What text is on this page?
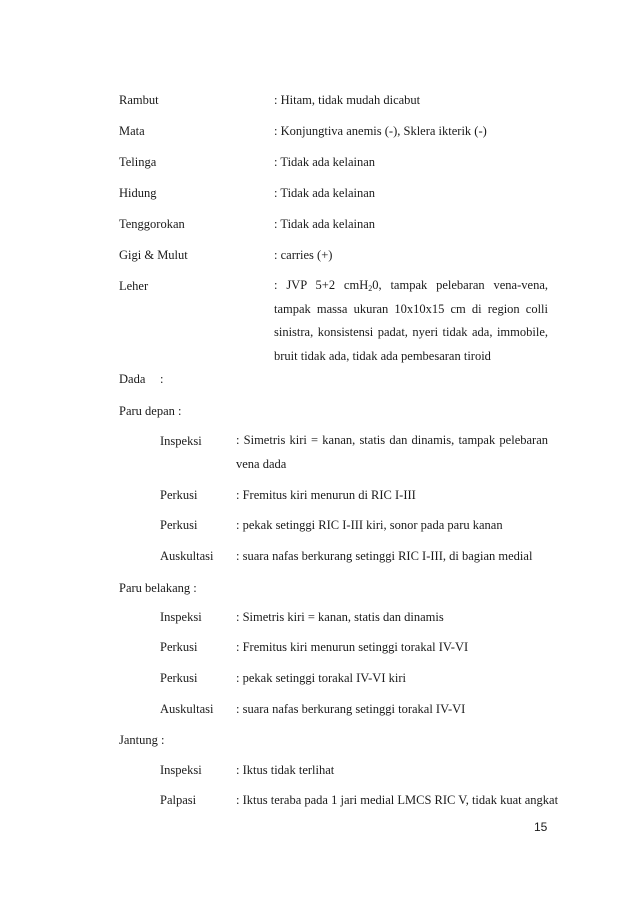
Rambut	: Hitam, tidak mudah dicabut
Mata	: Konjungtiva anemis (-), Sklera ikterik (-)
Telinga	: Tidak ada kelainan
Hidung	: Tidak ada kelainan
Tenggorokan	: Tidak ada kelainan
Gigi & Mulut	: carries (+)
Leher	: JVP 5+2 cmH$_2$0, tampak pelebaran vena-vena, tampak massa ukuran 10x10x15 cm di region colli sinistra, konsistensi padat, nyeri tidak ada, immobile, bruit tidak ada, tidak ada pembesaran tiroid
Dada :
Paru depan :
Inspeksi	: Simetris kiri = kanan, statis dan dinamis, tampak pelebaran vena dada
Perkusi	: Fremitus kiri menurun di RIC I-III
Perkusi	: pekak setinggi RIC I-III kiri, sonor pada paru kanan
Auskultasi : suara nafas berkurang setinggi RIC I-III, di bagian medial
Paru belakang :
Inspeksi	: Simetris kiri = kanan, statis dan dinamis
Perkusi	: Fremitus kiri menurun setinggi torakal IV-VI
Perkusi	: pekak setinggi torakal IV-VI kiri
Auskultasi : suara nafas berkurang setinggi torakal IV-VI
Jantung :
Inspeksi	: Iktus tidak terlihat
Palpasi	: Iktus teraba pada 1 jari medial LMCS RIC V, tidak kuat angkat
15
